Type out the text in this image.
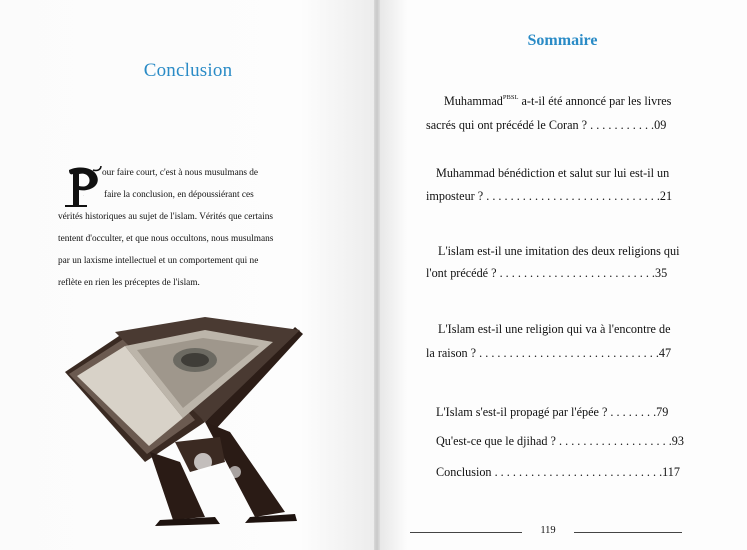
Conclusion
P
our faire court, c'est à nous musulmans de
faire la conclusion, en dépoussiérant ces
vérités historiques au sujet de l'islam. Vérités que certains
tentent d'occulter, et que nous occultons, nous musulmans
par un laxisme intellectuel et un comportement qui ne
reflète en rien les préceptes de l'islam.
Sommaire
Muhammad$^{PBSL}$ a-t-il été annoncé par les livres
sacrés qui ont précédé le Coran ? . . . . . . . . . . .09
Muhammad bénédiction et salut sur lui est-il un
imposteur ? . . . . . . . . . . . . . . . . . . . . . . . . . . . . .21
L'islam est-il une imitation des deux religions qui
l'ont précédé ? . . . . . . . . . . . . . . . . . . . . . . . . . .35
L'Islam est-il une religion qui va à l'encontre de
la raison ? . . . . . . . . . . . . . . . . . . . . . . . . . . . . . .47
L'Islam s'est-il propagé par l'épée ? . . . . . . . .79
Qu'est-ce que le djihad ? . . . . . . . . . . . . . . . . . . .93
Conclusion . . . . . . . . . . . . . . . . . . . . . . . . . . . .117
119
